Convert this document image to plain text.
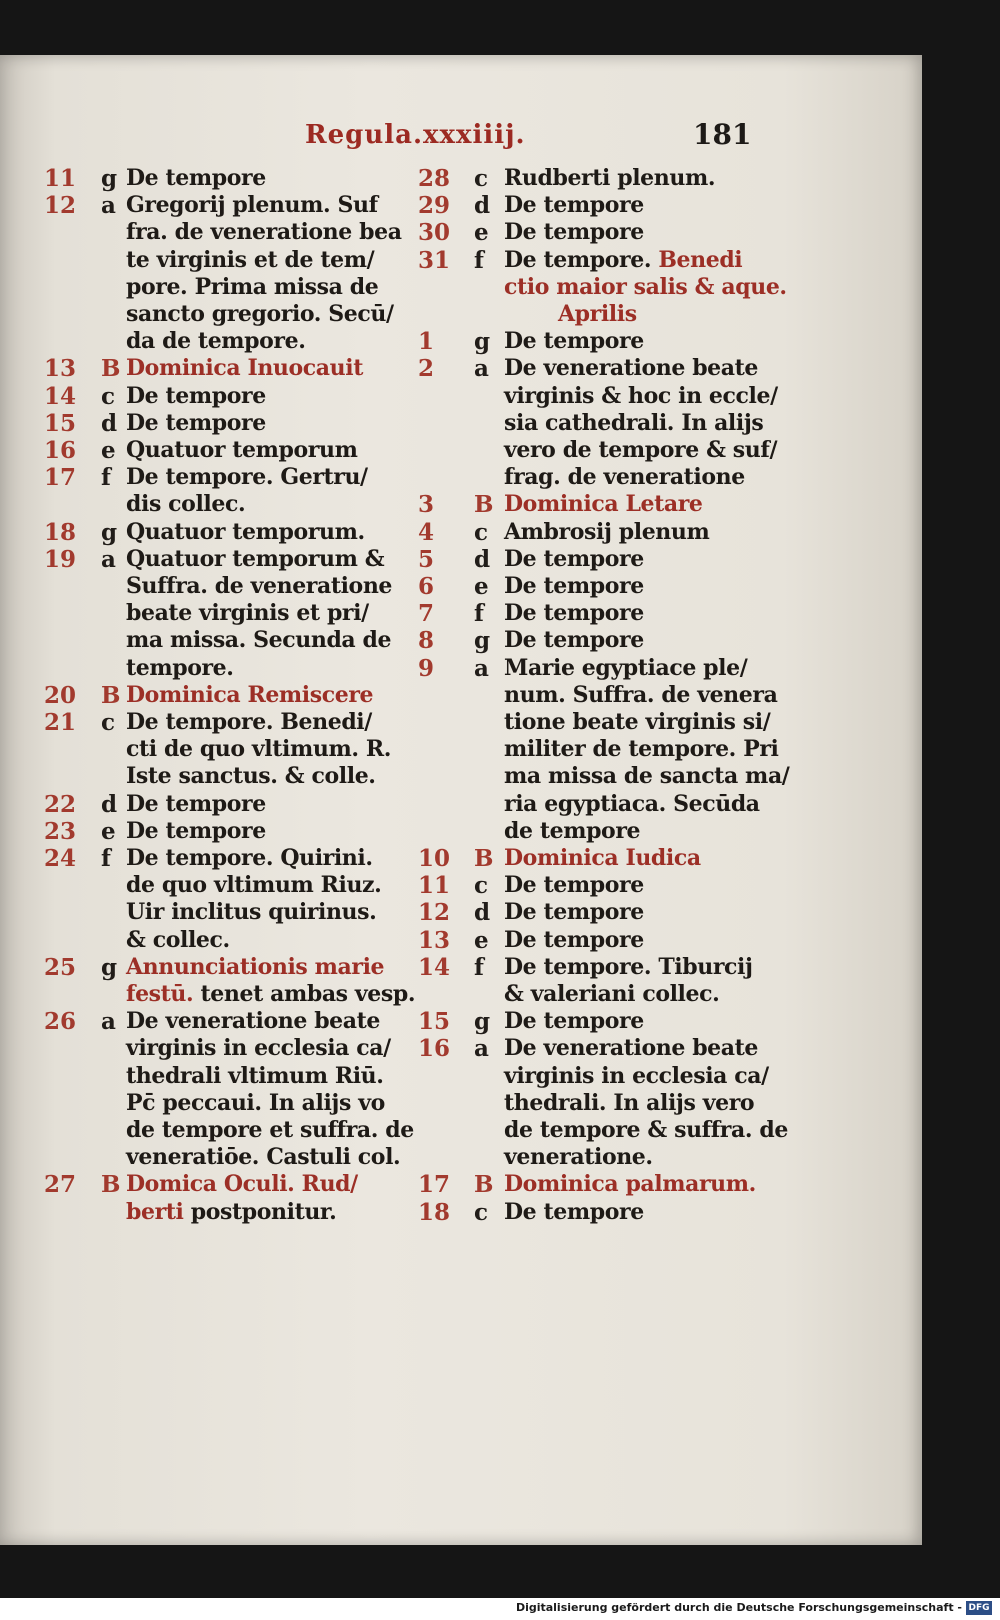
Regula.xxxiiij.	181
11 g De tempore
12 a Gregorij plenum. Suf
fra. de veneratione bea
te virginis et de tem/
pore. Prima missa de
sancto gregorio. Secū/
da de tempore.
13 B Dominica Inuocauit
14 c De tempore
15 d De tempore
16 e Quatuor temporum
17 f De tempore. Gertru/
dis collec.
18 g Quatuor temporum.
19 a Quatuor temporum &
Suffra. de veneratione
beate virginis et pri/
ma missa. Secunda de
tempore.
20 B Dominica Remiscere
21 c De tempore. Benedi/
cti de quo vltimum. R.
Iste sanctus. & colle.
22 d De tempore
23 e De tempore
24 f De tempore. Quirini.
de quo vltimum Riuz.
Uir inclitus quirinus.
& collec.
25 g Annunciationis marie
festū. tenet ambas vesp.
26 a De veneratione beate
virginis in ecclesia ca/
thedrali vltimum Riū.
Pc̄ peccaui. In alijs vo
de tempore et suffra. de
veneratiōe. Castuli col.
27 B Domica Oculi. Rud/
berti postponitur.
28 c Rudberti plenum.
29 d De tempore
30 e De tempore
31 f De tempore. Benedi
ctio maior salis & aque.
Aprilis
1 g De tempore
2 a De veneratione beate
virginis & hoc in eccle/
sia cathedrali. In alijs
vero de tempore & suf/
frag. de veneratione
3 B Dominica Letare
4 c Ambrosij plenum
5 d De tempore
6 e De tempore
7 f De tempore
8 g De tempore
9 a Marie egyptiace ple/
num. Suffra. de venera
tione beate virginis si/
militer de tempore. Pri
ma missa de sancta ma/
ria egyptiaca. Secūda
de tempore
10 B Dominica Iudica
11 c De tempore
12 d De tempore
13 e De tempore
14 f De tempore. Tiburcij
& valeriani collec.
15 g De tempore
16 a De veneratione beate
virginis in ecclesia ca/
thedrali. In alijs vero
de tempore & suffra. de
veneratione.
17 B Dominica palmarum.
18 c De tempore
Digitalisierung gefördert durch die Deutsche Forschungsgemeinschaft - DFG
